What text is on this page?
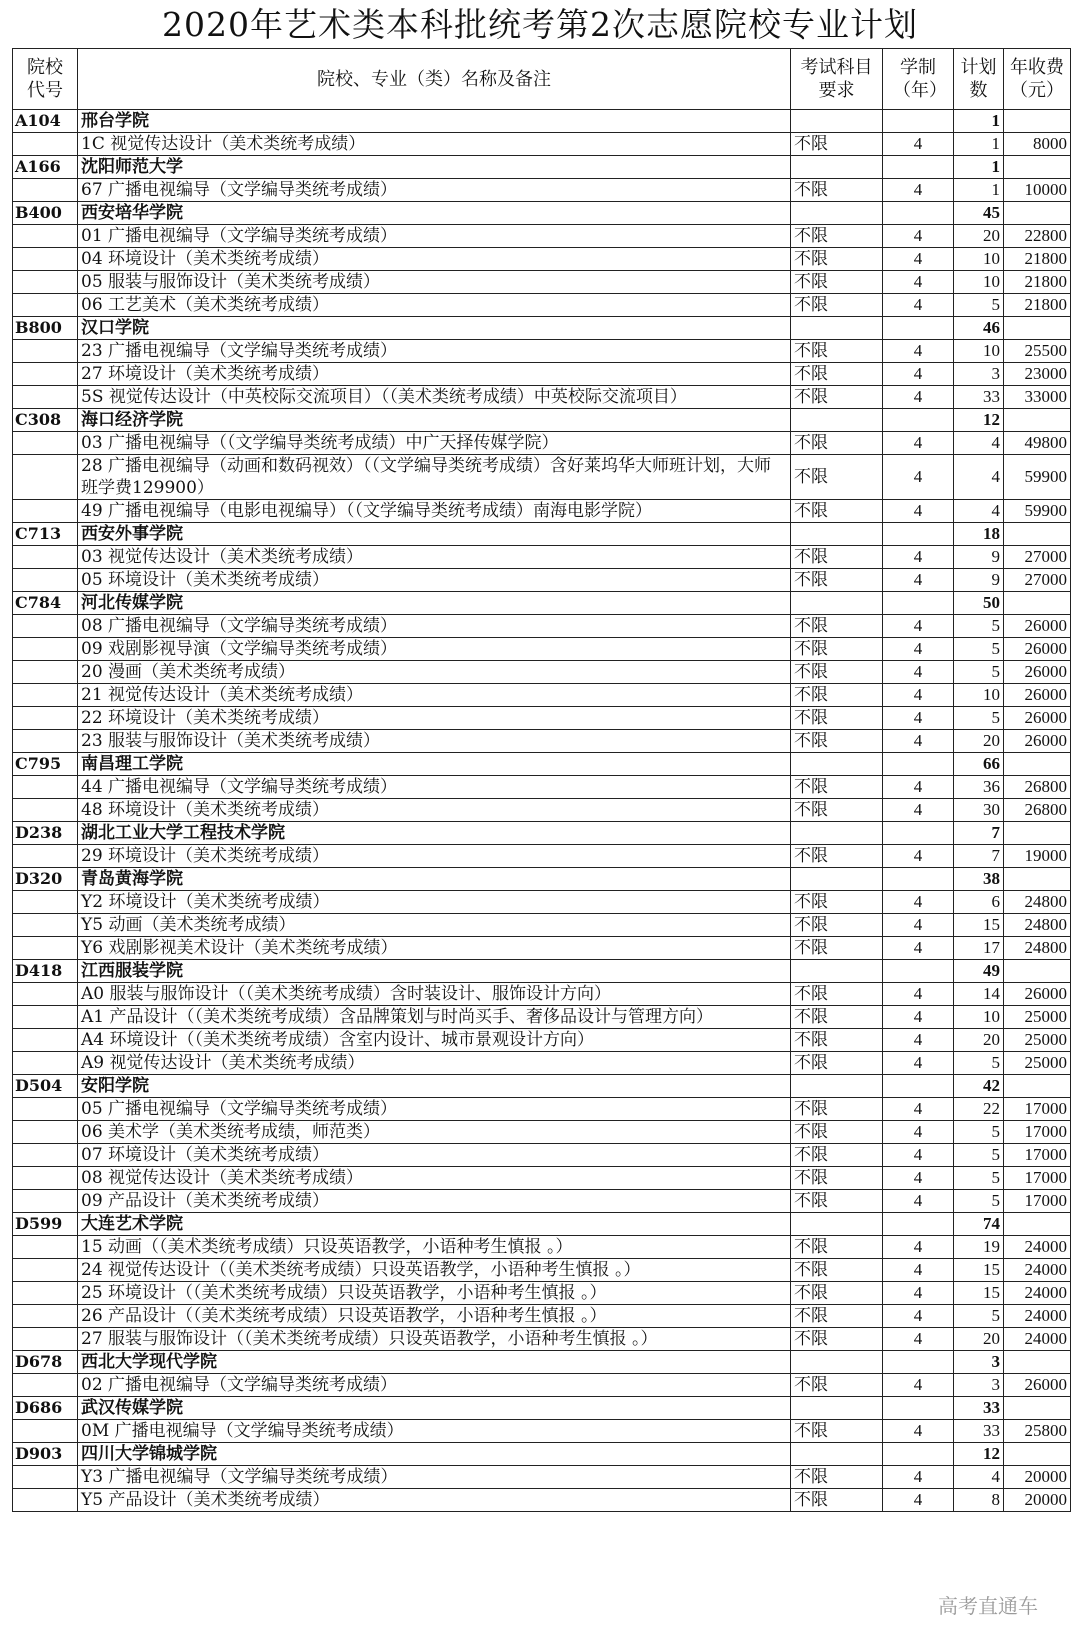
2020年艺术类本科批统考第2次志愿院校专业计划
院校代号	院校、专业（类）名称及备注	考试科目要求	学制（年）	计划数	年收费（元）
A104	邢台学院			1	
	1C 视觉传达设计（美术类统考成绩）	不限	4	1	8000
A166	沈阳师范大学			1	
	67 广播电视编导（文学编导类统考成绩）	不限	4	1	10000
B400	西安培华学院			45	
	01 广播电视编导（文学编导类统考成绩）	不限	4	20	22800
	04 环境设计（美术类统考成绩）	不限	4	10	21800
	05 服装与服饰设计（美术类统考成绩）	不限	4	10	21800
	06 工艺美术（美术类统考成绩）	不限	4	5	21800
B800	汉口学院			46	
	23 广播电视编导（文学编导类统考成绩）	不限	4	10	25500
	27 环境设计（美术类统考成绩）	不限	4	3	23000
	5S 视觉传达设计（中英校际交流项目）（（美术类统考成绩）中英校际交流项目）	不限	4	33	33000
C308	海口经济学院			12	
	03 广播电视编导（（文学编导类统考成绩）中广天择传媒学院）	不限	4	4	49800
	28 广播电视编导（动画和数码视效）（（文学编导类统考成绩）含好莱坞华大师班计划，大师班学费129900）	不限	4	4	59900
	49 广播电视编导（电影电视编导）（（文学编导类统考成绩）南海电影学院）	不限	4	4	59900
C713	西安外事学院			18	
	03 视觉传达设计（美术类统考成绩）	不限	4	9	27000
	05 环境设计（美术类统考成绩）	不限	4	9	27000
C784	河北传媒学院			50	
	08 广播电视编导（文学编导类统考成绩）	不限	4	5	26000
	09 戏剧影视导演（文学编导类统考成绩）	不限	4	5	26000
	20 漫画（美术类统考成绩）	不限	4	5	26000
	21 视觉传达设计（美术类统考成绩）	不限	4	10	26000
	22 环境设计（美术类统考成绩）	不限	4	5	26000
	23 服装与服饰设计（美术类统考成绩）	不限	4	20	26000
C795	南昌理工学院			66	
	44 广播电视编导（文学编导类统考成绩）	不限	4	36	26800
	48 环境设计（美术类统考成绩）	不限	4	30	26800
D238	湖北工业大学工程技术学院			7	
	29 环境设计（美术类统考成绩）	不限	4	7	19000
D320	青岛黄海学院			38	
	Y2 环境设计（美术类统考成绩）	不限	4	6	24800
	Y5 动画（美术类统考成绩）	不限	4	15	24800
	Y6 戏剧影视美术设计（美术类统考成绩）	不限	4	17	24800
D418	江西服装学院			49	
	A0 服装与服饰设计（（美术类统考成绩）含时装设计、服饰设计方向）	不限	4	14	26000
	A1 产品设计（（美术类统考成绩）含品牌策划与时尚买手、奢侈品设计与管理方向）	不限	4	10	25000
	A4 环境设计（（美术类统考成绩）含室内设计、城市景观设计方向）	不限	4	20	25000
	A9 视觉传达设计（美术类统考成绩）	不限	4	5	25000
D504	安阳学院			42	
	05 广播电视编导（文学编导类统考成绩）	不限	4	22	17000
	06 美术学（美术类统考成绩，师范类）	不限	4	5	17000
	07 环境设计（美术类统考成绩）	不限	4	5	17000
	08 视觉传达设计（美术类统考成绩）	不限	4	5	17000
	09 产品设计（美术类统考成绩）	不限	4	5	17000
D599	大连艺术学院			74	
	15 动画（（美术类统考成绩）只设英语教学，小语种考生慎报 。）	不限	4	19	24000
	24 视觉传达设计（（美术类统考成绩）只设英语教学，小语种考生慎报 。）	不限	4	15	24000
	25 环境设计（（美术类统考成绩）只设英语教学，小语种考生慎报 。）	不限	4	15	24000
	26 产品设计（（美术类统考成绩）只设英语教学，小语种考生慎报 。）	不限	4	5	24000
	27 服装与服饰设计（（美术类统考成绩）只设英语教学，小语种考生慎报 。）	不限	4	20	24000
D678	西北大学现代学院			3	
	02 广播电视编导（文学编导类统考成绩）	不限	4	3	26000
D686	武汉传媒学院			33	
	0M 广播电视编导（文学编导类统考成绩）	不限	4	33	25800
D903	四川大学锦城学院			12	
	Y3 广播电视编导（文学编导类统考成绩）	不限	4	4	20000
	Y5 产品设计（美术类统考成绩）	不限	4	8	20000
高考直通车
